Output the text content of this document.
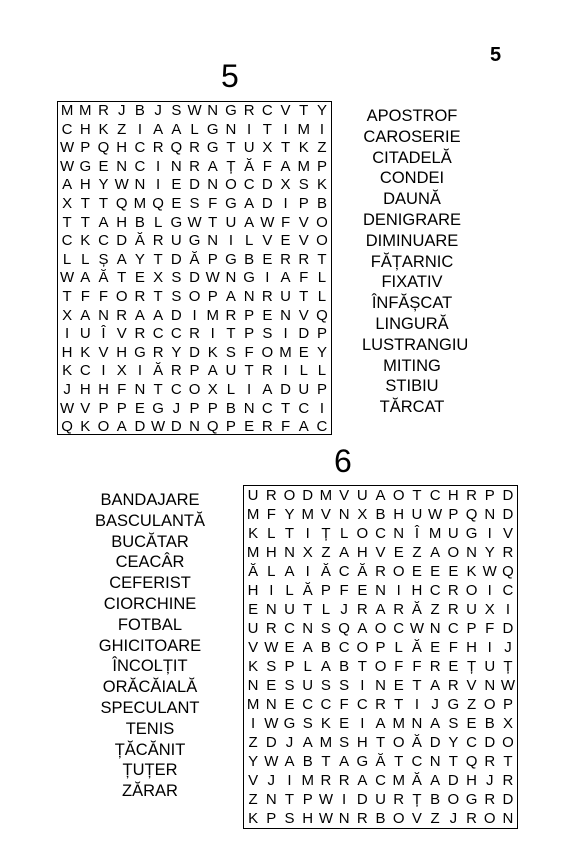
5
5
M M R J B J S W N G R C V T Y
C H K Z I A A L G N I T I M I
W P Q H C R Q R G T U X T K Z
W G E N C I N R A Ț Ă F A M P
A H Y W N I E D N O C D X S K
X T T Q M Q E S F G A D I P B
T T A H B L G W T U A W F V O
C K C D Ă R U G N I L V E V O
L L Ș A Y T D Ă P G B E R R T
W A Ă T E X S D W N G I A F L
T F F O R T S O P A N R U T L
X A N R A A D I M R P E N V Q
I U Î V R C C R I T P S I D P
H K V H G R Y D K S F O M E Y
K C I X I Ă R P A U T R I L L
J H H F N T C O X L I A D U P
W V P P E G J P P B N C T C I
Q K O A D W D N Q P E R F A C
APOSTROF
CAROSERIE
CITADELĂ
CONDEI
DAUNĂ
DENIGRARE
DIMINUARE
FĂȚARNIC
FIXATIV
ÎNFĂȘCAT
LINGURĂ
LUSTRANGIU
MITING
STIBIU
TĂRCAT
6
U R O D M V U A O T C H R P D
M F Y M V N X B H U W P Q N D
K L T I Ț L O C N Î M U G I V
M H N X Z A H V E Z A O N Y R
Ă L A I Ă C Ă R O E E E K W Q
H I L Ă P F E N I H C R O I C
E N U T L J R A R Ă Z R U X I
U R C N S Q A O C W N C P F D
V W E A B C O P L Ă E F H I J
K S P L A B T O F F R E Ț U Ț
N E S U S S I N E T A R V N W
M N E C C F C R T I J G Z O P
I W G S K E I A M N A S E B X
Z D J A M S H T O Ă D Y C D O
Y W A B T A G Ă T C N T Q R T
V J I M R R A C M Ă A D H J R
Z N T P W I D U R Ț B O G R D
K P S H W N R B O V Z J R O N
BANDAJARE
BASCULANTĂ
BUCĂTAR
CEACÂR
CEFERIST
CIORCHINE
FOTBAL
GHICITOARE
ÎNCOLȚIT
ORĂCĂIALĂ
SPECULANT
TENIS
ȚĂCĂNIT
ȚUȚER
ZĂRAR
